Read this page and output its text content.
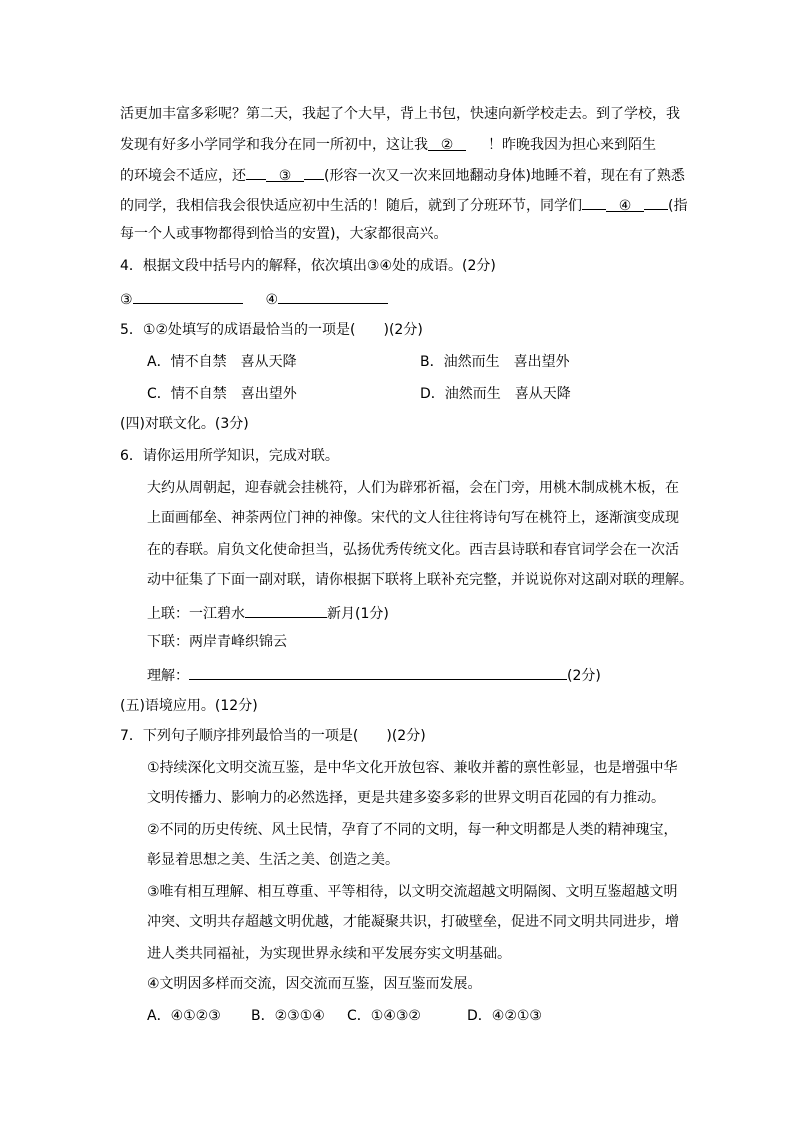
活更加丰富多彩呢？第二天，我起了个大早，背上书包，快速向新学校走去。到了学校，我
发现有好多小学同学和我分在同一所初中，这让我 ② ！昨晚我因为担心来到陌生
的环境会不适应，还 ③ (形容一次又一次来回地翻动身体)地睡不着，现在有了熟悉
的同学，我相信我会很快适应初中生活的！随后，就到了分班环节，同学们	④	(指
每一个人或事物都得到恰当的安置)，大家都很高兴。
4．根据文段中括号内的解释，依次填出③④处的成语。(2分)
③	④
5．①②处填写的成语最恰当的一项是( )(2分)
A．情不自禁　喜从天降	B．油然而生　喜出望外
C．情不自禁　喜出望外	D．油然而生　喜从天降
(四)对联文化。(3分)
6．请你运用所学知识，完成对联。
大约从周朝起，迎春就会挂桃符，人们为辟邪祈福，会在门旁，用桃木制成桃木板，在
上面画郁垒、神荼两位门神的神像。宋代的文人往往将诗句写在桃符上，逐渐演变成现
在的春联。肩负文化使命担当，弘扬优秀传统文化。西吉县诗联和春官词学会在一次活
动中征集了下面一副对联，请你根据下联将上联补充完整，并说说你对这副对联的理解。
上联：一江碧水	新月(1分)
下联：两岸青峰织锦云
理解：	(2分)
(五)语境应用。(12分)
7．下列句子顺序排列最恰当的一项是( )(2分)
①持续深化文明交流互鉴，是中华文化开放包容、兼收并蓄的禀性彰显，也是增强中华
文明传播力、影响力的必然选择，更是共建多姿多彩的世界文明百花园的有力推动。
②不同的历史传统、风土民情，孕育了不同的文明，每一种文明都是人类的精神瑰宝，
彰显着思想之美、生活之美、创造之美。
③唯有相互理解、相互尊重、平等相待，以文明交流超越文明隔阂、文明互鉴超越文明
冲突、文明共存超越文明优越，才能凝聚共识，打破壁垒，促进不同文明共同进步，增
进人类共同福祉，为实现世界永续和平发展夯实文明基础。
④文明因多样而交流，因交流而互鉴，因互鉴而发展。
A．④①②③ B．②③①④ C．①④③②	D．④②①③
